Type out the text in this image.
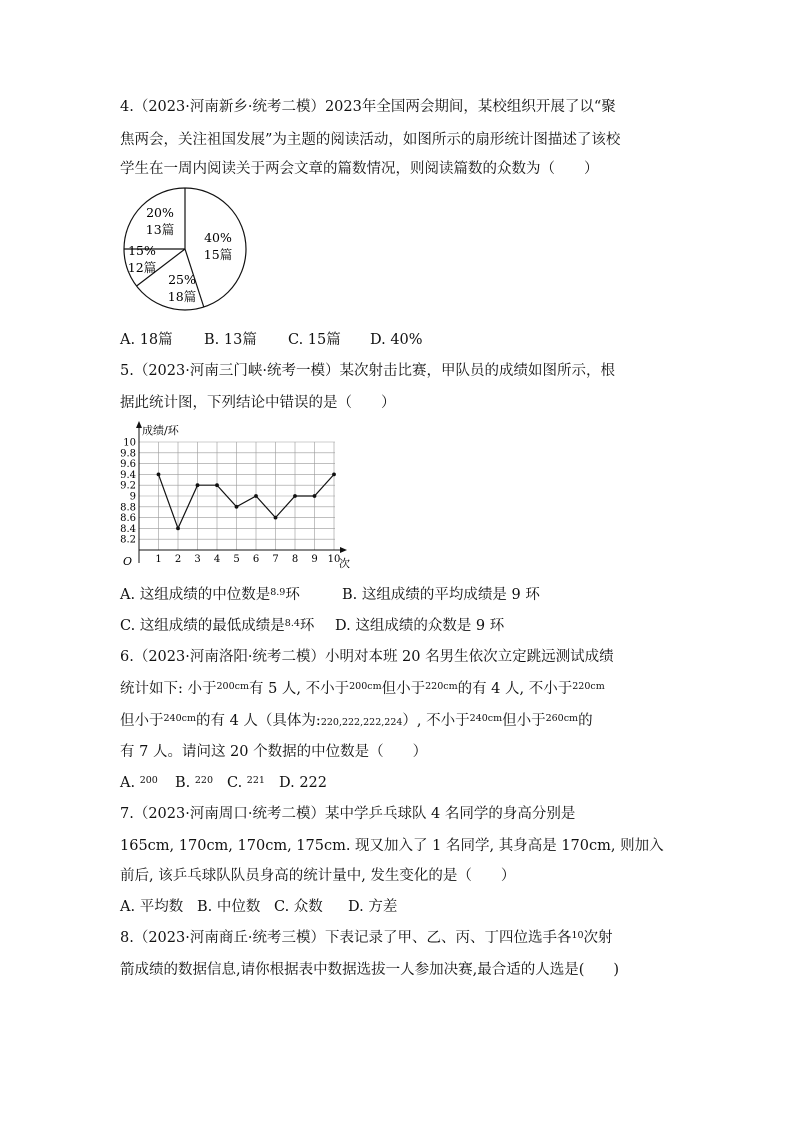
4.（2023·河南新乡·统考二模）2023年全国两会期间，某校组织开展了以“聚
焦两会，关注祖国发展”为主题的阅读活动，如图所示的扇形统计图描述了该校
学生在一周内阅读关于两会文章的篇数情况，则阅读篇数的众数为（　　）
40%
15篇
25%
18篇
15%
12篇
20%
13篇
A. 18篇 B. 13篇 C. 15篇 D. 40%
5.（2023·河南三门峡·统考一模）某次射击比赛，甲队员的成绩如图所示，根
据此统计图，下列结论中错误的是（　　）
成绩/环
次
O
8.2
8.4
8.6
8.8
9
9.2
9.4
9.6
9.8
10
1 2 3 4 5 6 7 8 9 10
A. 这组成绩的中位数是$^{8.9}$环	B. 这组成绩的平均成绩是 9 环
C. 这组成绩的最低成绩是$^{8.4}$环 D. 这组成绩的众数是 9 环
6.（2023·河南洛阳·统考二模）小明对本班 20 名男生依次立定跳远测试成绩
统计如下: 小于$^{200cm}$有 5 人, 不小于$^{200cm}$但小于$^{220cm}$的有 4 人, 不小于$^{220cm}$
但小于$^{240cm}$的有 4 人（具体为:220,222,222,224）, 不小于$^{240cm}$但小于$^{260cm}$的
有 7 人。请问这 20 个数据的中位数是（　　）
A. $^{200}$ B. $^{220}$ C. $^{221}$ D. 222
7.（2023·河南周口·统考二模）某中学乒乓球队 4 名同学的身高分别是
165cm, 170cm, 170cm, 175cm. 现又加入了 1 名同学, 其身高是 170cm, 则加入
前后, 该乒乓球队队员身高的统计量中, 发生变化的是（　　）
A. 平均数 B. 中位数 C. 众数 D. 方差
8.（2023·河南商丘·统考三模）下表记录了甲、乙、丙、丁四位选手各$^{10}$次射
箭成绩的数据信息,请你根据表中数据选拔一人参加决赛,最合适的人选是(　　)
